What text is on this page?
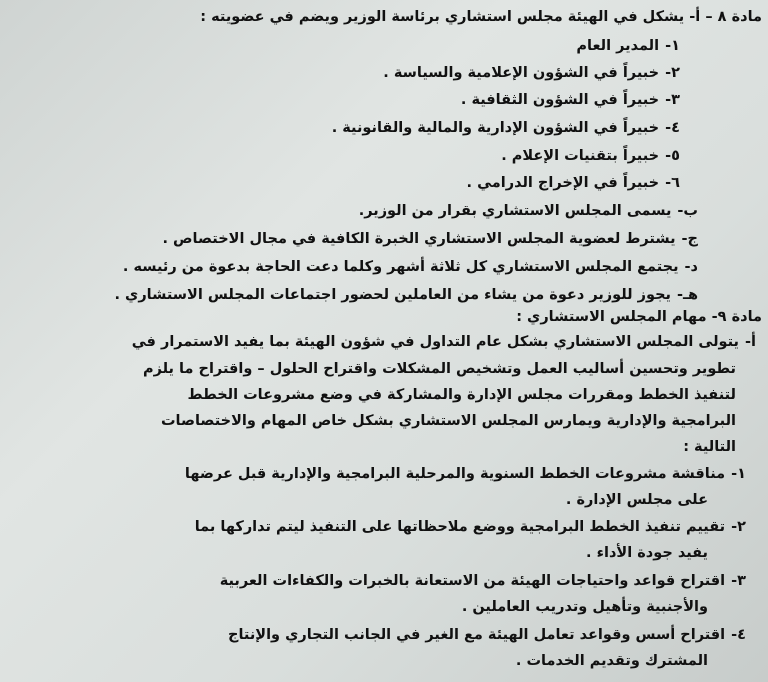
مادة ٨ – أ- يشكل في الهيئة مجلس استشاري برئاسة الوزير ويضم في عضويته :
١-المدير العام
٢-خبيراً في الشؤون الإعلامية والسياسة .
٣-خبيراً في الشؤون الثقافية .
٤-خبيراً في الشؤون الإدارية والمالية والقانونية .
٥-خبيراً بتقنيات الإعلام .
٦-خبيراً في الإخراج الدرامي .
ب-يسمى المجلس الاستشاري بقرار من الوزير.
ج-يشترط لعضوية المجلس الاستشاري الخبرة الكافية في مجال الاختصاص .
د-يجتمع المجلس الاستشاري كل ثلاثة أشهر وكلما دعت الحاجة بدعوة من رئيسه .
هـ-يجوز للوزير دعوة من يشاء من العاملين لحضور اجتماعات المجلس الاستشاري .
مادة ٩- مهام المجلس الاستشاري :
أ-يتولى المجلس الاستشاري بشكل عام التداول في شؤون الهيئة بما يفيد الاستمرار في
تطوير وتحسين أساليب العمل وتشخيص المشكلات واقتراح الحلول – واقتراح ما يلزم
لتنفيذ الخطط ومقررات مجلس الإدارة والمشاركة في وضع مشروعات الخطط
البرامجية والإدارية ويمارس المجلس الاستشاري بشكل خاص المهام والاختصاصات
التالية :
١-مناقشة مشروعات الخطط السنوية والمرحلية البرامجية والإدارية قبل عرضها
على مجلس الإدارة .
٢-تقييم تنفيذ الخطط البرامجية ووضع ملاحظاتها على التنفيذ ليتم تداركها بما
يفيد جودة الأداء .
٣-اقتراح قواعد واحتياجات الهيئة من الاستعانة بالخبرات والكفاءات العربية
والأجنبية وتأهيل وتدريب العاملين .
٤-اقتراح أسس وقواعد تعامل الهيئة مع الغير في الجانب التجاري والإنتاج
المشترك وتقديم الخدمات .
